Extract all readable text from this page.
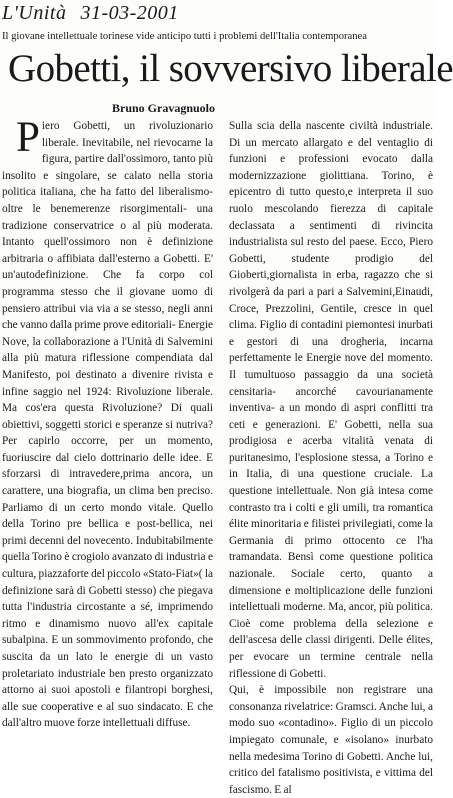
L'Unità 31-03-2001
Il giovane intellettuale torinese vide anticipo tutti i problemi dell'Italia contemporanea
Gobetti, il sovversivo liberale
Bruno Gravagnuolo
P iero Gobetti, un rivoluzionario liberale. Inevitabile, nel rievocarne la figura, partire dall'ossimoro, tanto più insolito e singolare, se calato nella storia politica italiana, che ha fatto del liberalismo- oltre le benemerenze risorgimentali- una tradizione conservatrice o al più moderata. Intanto quell'ossimoro non è definizione arbitraria o affibiata dall'esterno a Gobetti. E' un'autodefinizione. Che fa corpo col programma stesso che il giovane uomo di pensiero attribui via via a se stesso, negli anni che vanno dalla prime prove editoriali- Energie Nove, la collaborazione a l'Unità di Salvemini alla più matura riflessione compendiata dal Manifesto, poi destinato a divenire rivista e infine saggio nel 1924: Rivoluzione liberale. Ma cos'era questa Rivoluzione? Di quali obiettivi, soggetti storici e speranze si nutriva? Per capirlo occorre, per un momento, fuoriuscire dal cielo dottrinario delle idee. E sforzarsi di intravedere,prima ancora, un carattere, una biografia, un clima ben preciso. Parliamo di un certo mondo vitale. Quello della Torino pre bellica e post-bellica, nei primi decenni del novecento. Indubitabilmente quella Torino è crogiolo avanzato di industria e cultura, piazzaforte del piccolo «Stato-Fiat»( la definizione sarà di Gobetti stesso) che piegava tutta l'industria circostante a sé, imprimendo ritmo e dinamismo nuovo all'ex capitale subalpina. E un sommovimento profondo, che suscita da un lato le energie di un vasto proletariato industriale ben presto organizzato attorno ai suoi apostoli e filantropi borghesi, alle sue cooperative e al suo sindacato. E che dall'altro muove forze intellettuali diffuse.

Sulla scia della nascente civiltà industriale. Di un mercato allargato e del ventaglio di funzioni e professioni evocato dalla modernizzazione giolittiana. Torino, è epicentro di tutto questo,e interpreta il suo ruolo mescolando fierezza di capitale declassata a sentimenti di rivincita industrialista sul resto del paese. Ecco, Piero Gobetti, studente prodigio del Gioberti,giornalista in erba, ragazzo che si rivolgerà da pari a pari a Salvemini,Einaudi, Croce, Prezzolini, Gentile, cresce in quel clima. Figlio di contadini piemontesi inurbati e gestori di una drogheria, incarna perfettamente le Energie nove del momento. Il tumultuoso passaggio da una società censitaria- ancorché cavourianamente inventiva- a un mondo di aspri conflitti tra ceti e generazioni. E' Gobetti, nella sua prodigiosa e acerba vitalità venata di puritanesimo, l'esplosione stessa, a Torino e in Italia, di una questione cruciale. La questione intellettuale. Non già intesa come contrasto tra i colti e gli umili, tra romantica élite minoritaria e filistei privilegiati, come la Germania di primo ottocento ce l'ha tramandata. Bensì come questione politica nazionale. Sociale certo, quanto a dimensione e moltiplicazione delle funzioni intellettuali moderne. Ma, ancor, più politica. Cioè come problema della selezione e dell'ascesa delle classi dirigenti. Delle élites, per evocare un termine centrale nella riflessione di Gobetti.

Qui, è impossibile non registrare una consonanza rivelatrice: Gramsci. Anche lui, a modo suo «contadino». Figlio di un piccolo impiegato comunale, e «isolano» inurbato nella medesima Torino di Gobetti. Anche lui, critico del fatalismo positivista, e vittima del fascismo. E al
